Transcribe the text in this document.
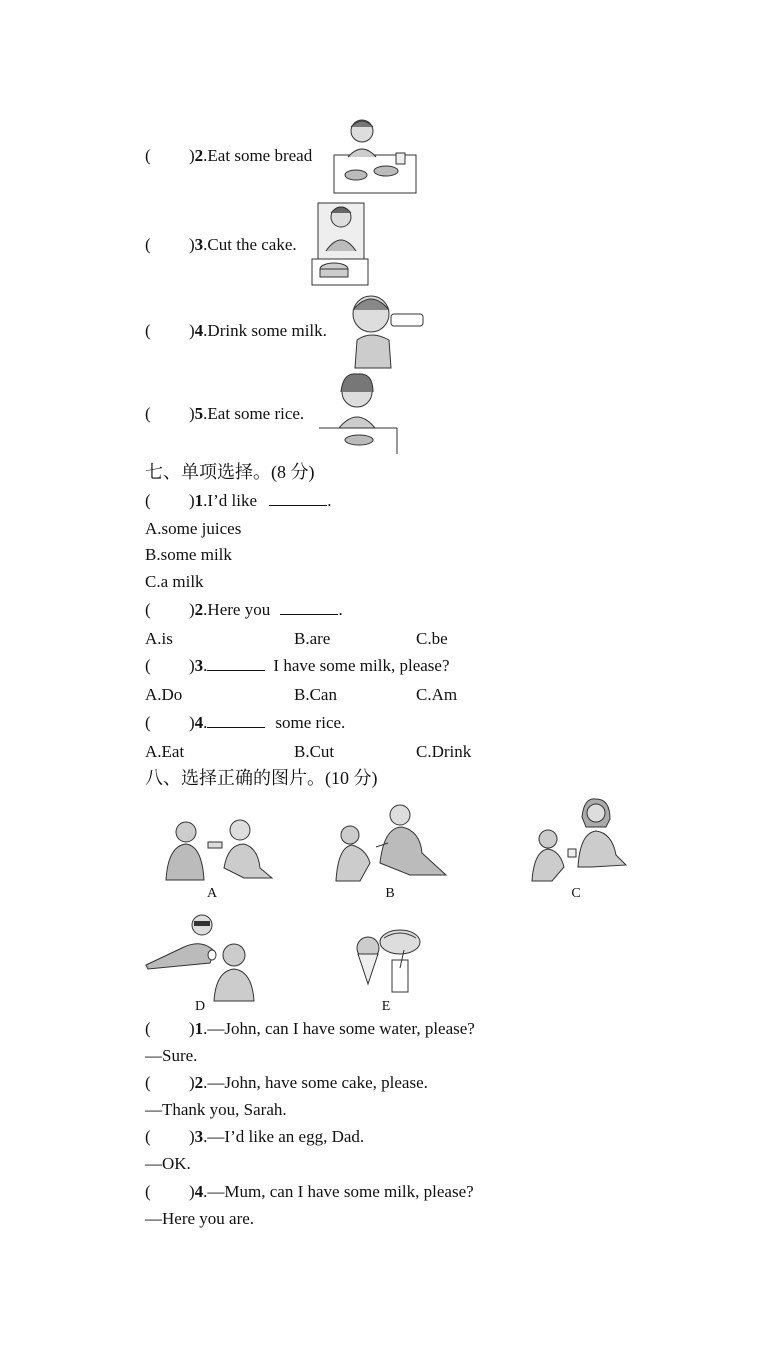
( )2.Eat some bread
( )3.Cut the cake.
( )4.Drink some milk.
( )5.Eat some rice.
七、单项选择。(8 分)
( )1.I’d like	.
A.some juices
B.some milk
C.a milk
( )2.Here you	.
A.is	B.are	C.be
( )3.	I have some milk, please?
A.Do	B.Can	C.Am
( )4.	some rice.
A.Eat	B.Cut	C.Drink
八、选择正确的图片。(10 分)
A	B	C
D	E
( )1.—John, can I have some water, please?
—Sure.
( )2.—John, have some cake, please.
—Thank you, Sarah.
( )3.—I’d like an egg, Dad.
—OK.
( )4.—Mum, can I have some milk, please?
—Here you are.
